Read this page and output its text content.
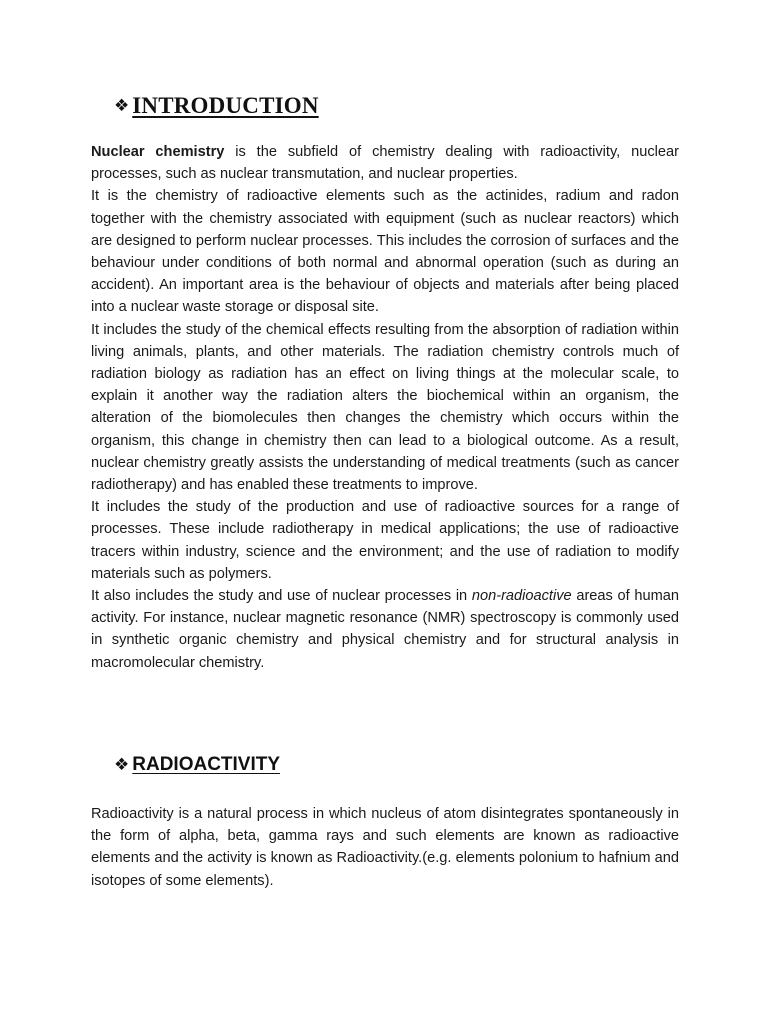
❖ INTRODUCTION

Nuclear chemistry is the subfield of chemistry dealing with radioactivity, nuclear processes, such as nuclear transmutation, and nuclear properties.

It is the chemistry of radioactive elements such as the actinides, radium and radon together with the chemistry associated with equipment (such as nuclear reactors) which are designed to perform nuclear processes. This includes the corrosion of surfaces and the behaviour under conditions of both normal and abnormal operation (such as during an accident). An important area is the behaviour of objects and materials after being placed into a nuclear waste storage or disposal site.

It includes the study of the chemical effects resulting from the absorption of radiation within living animals, plants, and other materials. The radiation chemistry controls much of radiation biology as radiation has an effect on living things at the molecular scale, to explain it another way the radiation alters the biochemical within an organism, the alteration of the biomolecules then changes the chemistry which occurs within the organism, this change in chemistry then can lead to a biological outcome. As a result, nuclear chemistry greatly assists the understanding of medical treatments (such as cancer radiotherapy) and has enabled these treatments to improve.

It includes the study of the production and use of radioactive sources for a range of processes. These include radiotherapy in medical applications; the use of radioactive tracers within industry, science and the environment; and the use of radiation to modify materials such as polymers.

It also includes the study and use of nuclear processes in non-radioactive areas of human activity. For instance, nuclear magnetic resonance (NMR) spectroscopy is commonly used in synthetic organic chemistry and physical chemistry and for structural analysis in macromolecular chemistry.

❖ RADIOACTIVITY

Radioactivity is a natural process in which nucleus of atom disintegrates spontaneously in the form of alpha, beta, gamma rays and such elements are known as radioactive elements and the activity is known as Radioactivity.(e.g. elements polonium to hafnium and isotopes of some elements).
